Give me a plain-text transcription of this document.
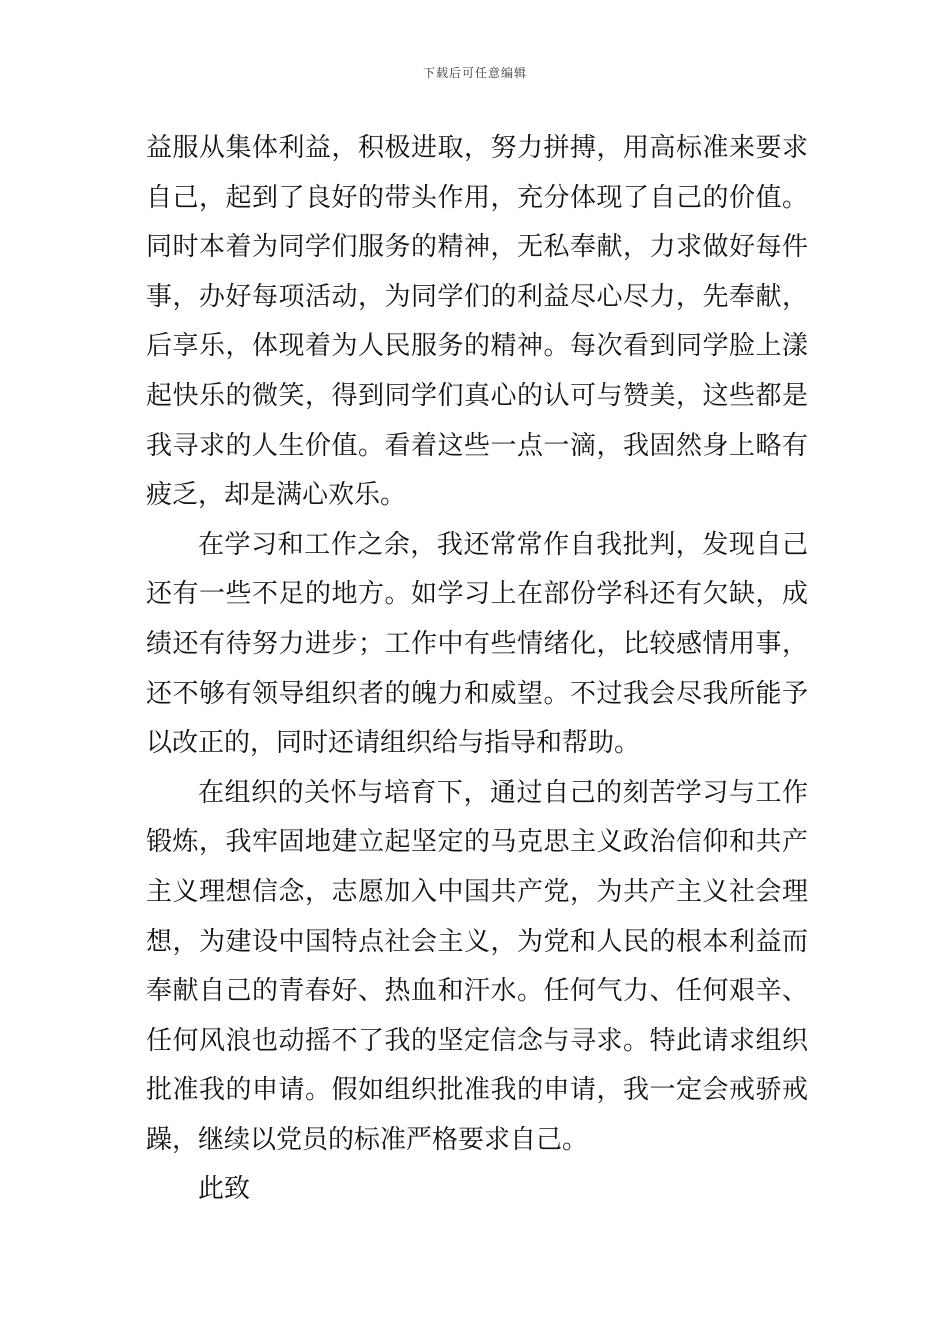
下载后可任意编辑
益服从集体利益，积极进取，努力拼搏，用高标准来要求
自己，起到了良好的带头作用，充分体现了自己的价值。
同时本着为同学们服务的精神，无私奉献，力求做好每件
事，办好每项活动，为同学们的利益尽心尽力，先奉献，
后享乐，体现着为人民服务的精神。每次看到同学脸上漾
起快乐的微笑，得到同学们真心的认可与赞美，这些都是
我寻求的人生价值。看着这些一点一滴，我固然身上略有
疲乏，却是满心欢乐。
在学习和工作之余，我还常常作自我批判，发现自己
还有一些不足的地方。如学习上在部份学科还有欠缺，成
绩还有待努力进步；工作中有些情绪化，比较感情用事，
还不够有领导组织者的魄力和威望。不过我会尽我所能予
以改正的，同时还请组织给与指导和帮助。
在组织的关怀与培育下，通过自己的刻苦学习与工作
锻炼，我牢固地建立起坚定的马克思主义政治信仰和共产
主义理想信念，志愿加入中国共产党，为共产主义社会理
想，为建设中国特点社会主义，为党和人民的根本利益而
奉献自己的青春好、热血和汗水。任何气力、任何艰辛、
任何风浪也动摇不了我的坚定信念与寻求。特此请求组织
批准我的申请。假如组织批准我的申请，我一定会戒骄戒
躁，继续以党员的标准严格要求自己。
此致
